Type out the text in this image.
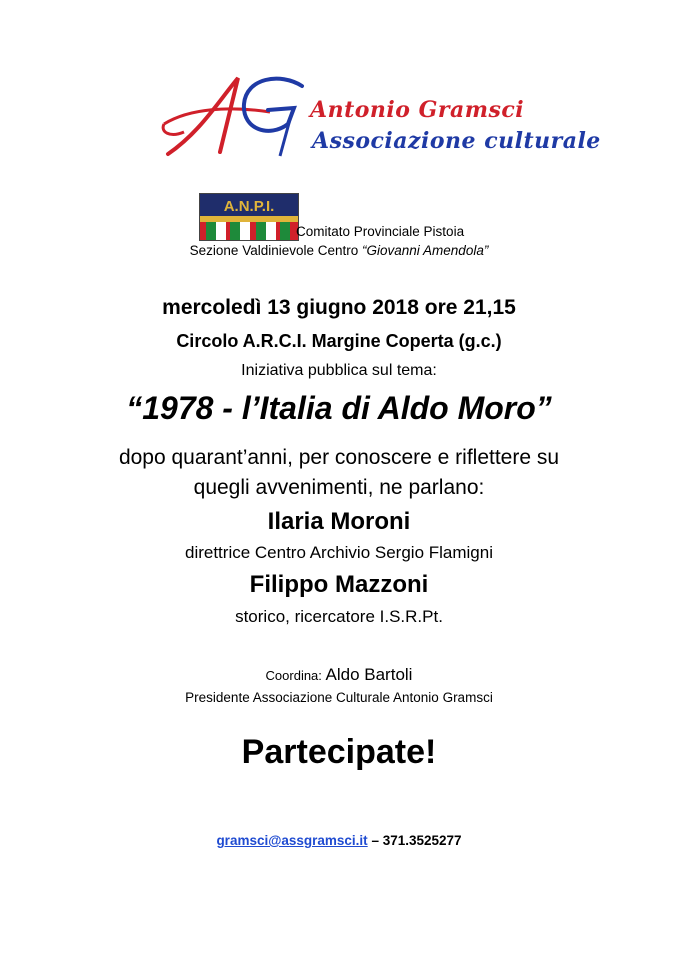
Antonio Gramsci
Associazione culturale
A.N.P.I.
Comitato Provinciale Pistoia
Sezione Valdinievole Centro “Giovanni Amendola”
mercoledì 13 giugno 2018 ore 21,15
Circolo A.R.C.I. Margine Coperta (g.c.)
Iniziativa pubblica sul tema:
“1978 - l’Italia di Aldo Moro”
dopo quarant’anni, per conoscere e riflettere su
quegli avvenimenti, ne parlano:
Ilaria Moroni
direttrice Centro Archivio Sergio Flamigni
Filippo Mazzoni
storico, ricercatore I.S.R.Pt.
Coordina: Aldo Bartoli
Presidente Associazione Culturale Antonio Gramsci
Partecipate!
gramsci@assgramsci.it – 371.3525277
